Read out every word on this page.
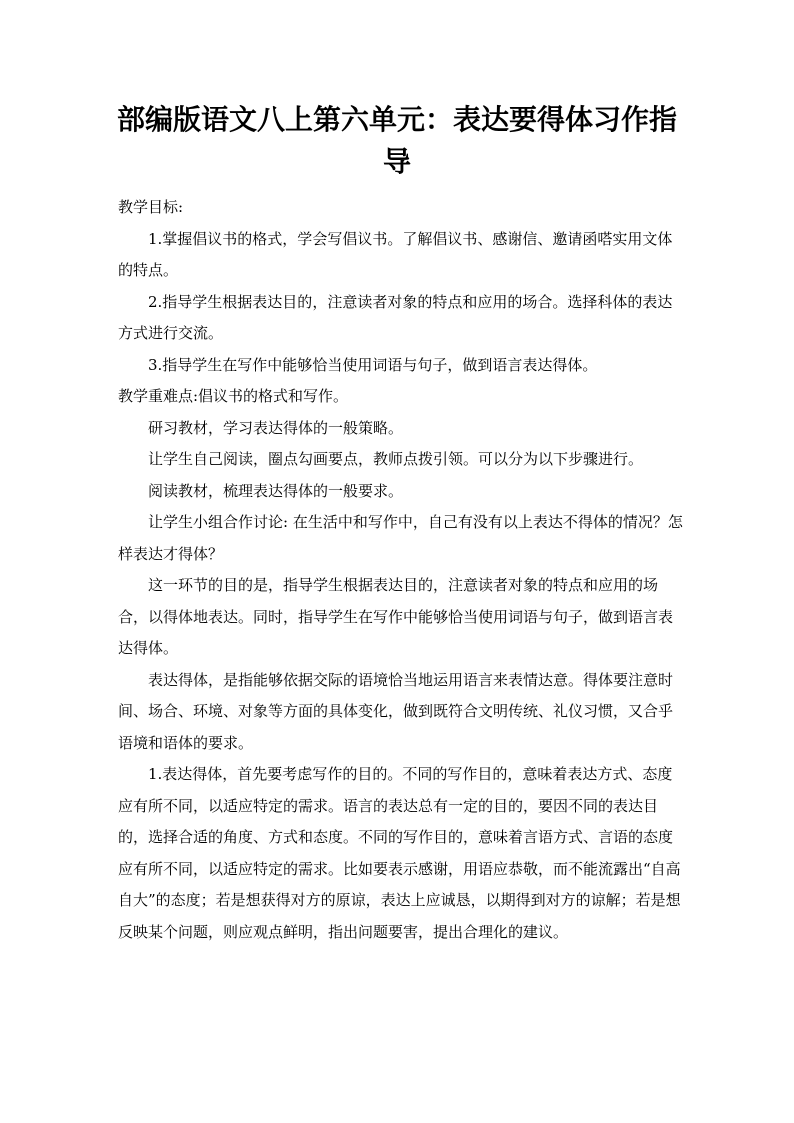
部编版语文八上第六单元：表达要得体习作指
导

教学目标:

1.掌握倡议书的格式，学会写倡议书。了解倡议书、感谢信、邀请函嗒实用文体的特点。

2.指导学生根据表达目的，注意读者对象的特点和应用的场合。选择科体的表达方式进行交流。

3.指导学生在写作中能够恰当使用词语与句子，做到语言表达得体。

教学重难点:倡议书的格式和写作。

研习教材，学习表达得体的一般策略。

让学生自己阅读，圈点勾画要点，教师点拨引领。可以分为以下步骤进行。

阅读教材，梳理表达得体的一般要求。

让学生小组合作讨论: 在生活中和写作中，自己有没有以上表达不得体的情况？怎样表达才得体？

这一环节的目的是，指导学生根据表达目的，注意读者对象的特点和应用的场合，以得体地表达。同时，指导学生在写作中能够恰当使用词语与句子，做到语言表达得体。

表达得体，是指能够依据交际的语境恰当地运用语言来表情达意。得体要注意时间、场合、环境、对象等方面的具体变化，做到既符合文明传统、礼仪习惯，又合乎语境和语体的要求。

1.表达得体，首先要考虑写作的目的。不同的写作目的，意味着表达方式、态度应有所不同，以适应特定的需求。语言的表达总有一定的目的，要因不同的表达目的，选择合适的角度、方式和态度。不同的写作目的，意味着言语方式、言语的态度应有所不同，以适应特定的需求。比如要表示感谢，用语应恭敬，而不能流露出“自高自大”的态度；若是想获得对方的原谅，表达上应诚恳，以期得到对方的谅解；若是想反映某个问题，则应观点鲜明，指出问题要害，提出合理化的建议。
